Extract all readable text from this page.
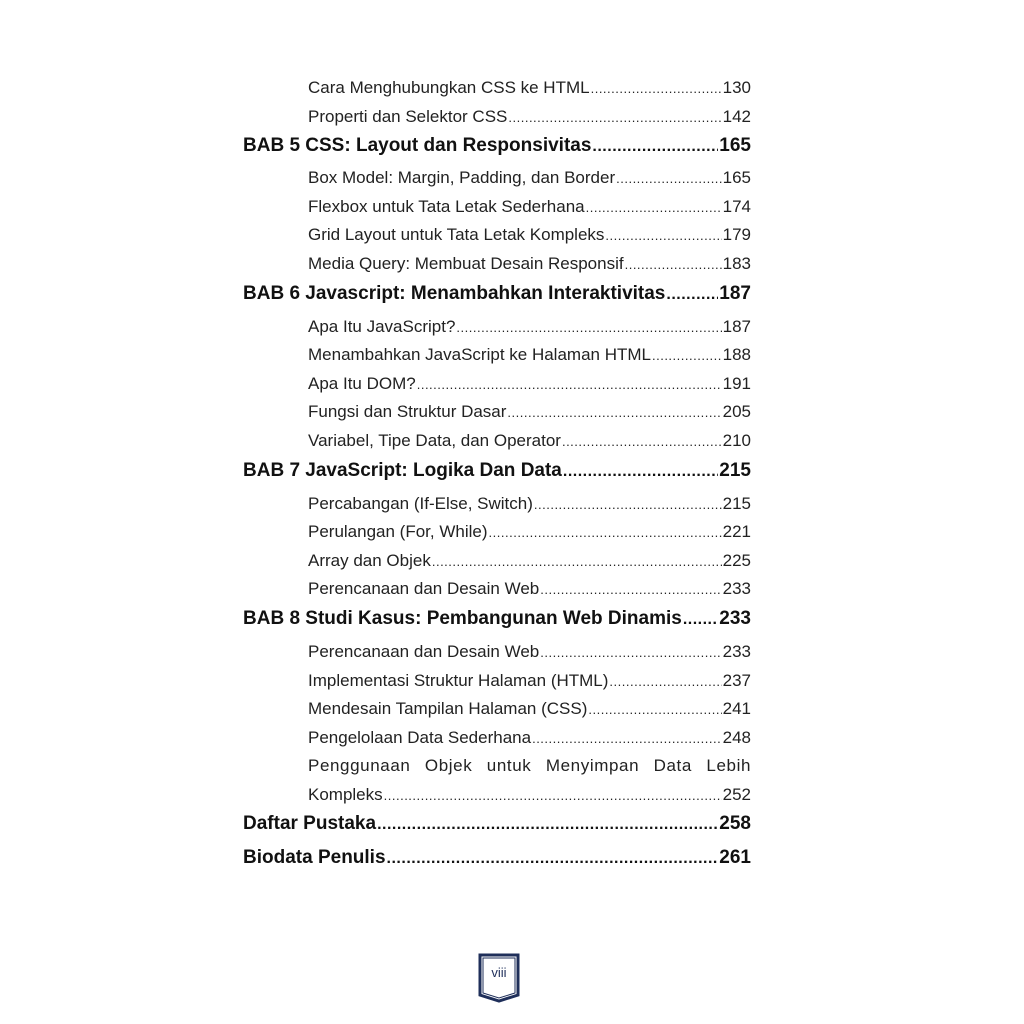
Cara Menghubungkan CSS ke HTML .....	130
Properti dan Selektor CSS .....	142
BAB 5 CSS: Layout dan Responsivitas .....	165
Box Model: Margin, Padding, dan Border .....	165
Flexbox untuk Tata Letak Sederhana .....	174
Grid Layout untuk Tata Letak Kompleks .....	179
Media Query: Membuat Desain Responsif .....	183
BAB 6 Javascript: Menambahkan Interaktivitas .....	187
Apa Itu JavaScript? .....	187
Menambahkan JavaScript ke Halaman HTML .....	188
Apa Itu DOM? .....	191
Fungsi dan Struktur Dasar .....	205
Variabel, Tipe Data, dan Operator .....	210
BAB 7 JavaScript: Logika Dan Data .....	215
Percabangan (If-Else, Switch) .....	215
Perulangan (For, While) .....	221
Array dan Objek .....	225
Perencanaan dan Desain Web .....	233
BAB 8 Studi Kasus: Pembangunan Web Dinamis ..... 233
Perencanaan dan Desain Web .....	233
Implementasi Struktur Halaman (HTML) .....	237
Mendesain Tampilan Halaman (CSS) .....	241
Pengelolaan Data Sederhana .....	248
Penggunaan Objek untuk Menyimpan Data Lebih
Kompleks .....	252
Daftar Pustaka .....	258
Biodata Penulis .....	261
viii
